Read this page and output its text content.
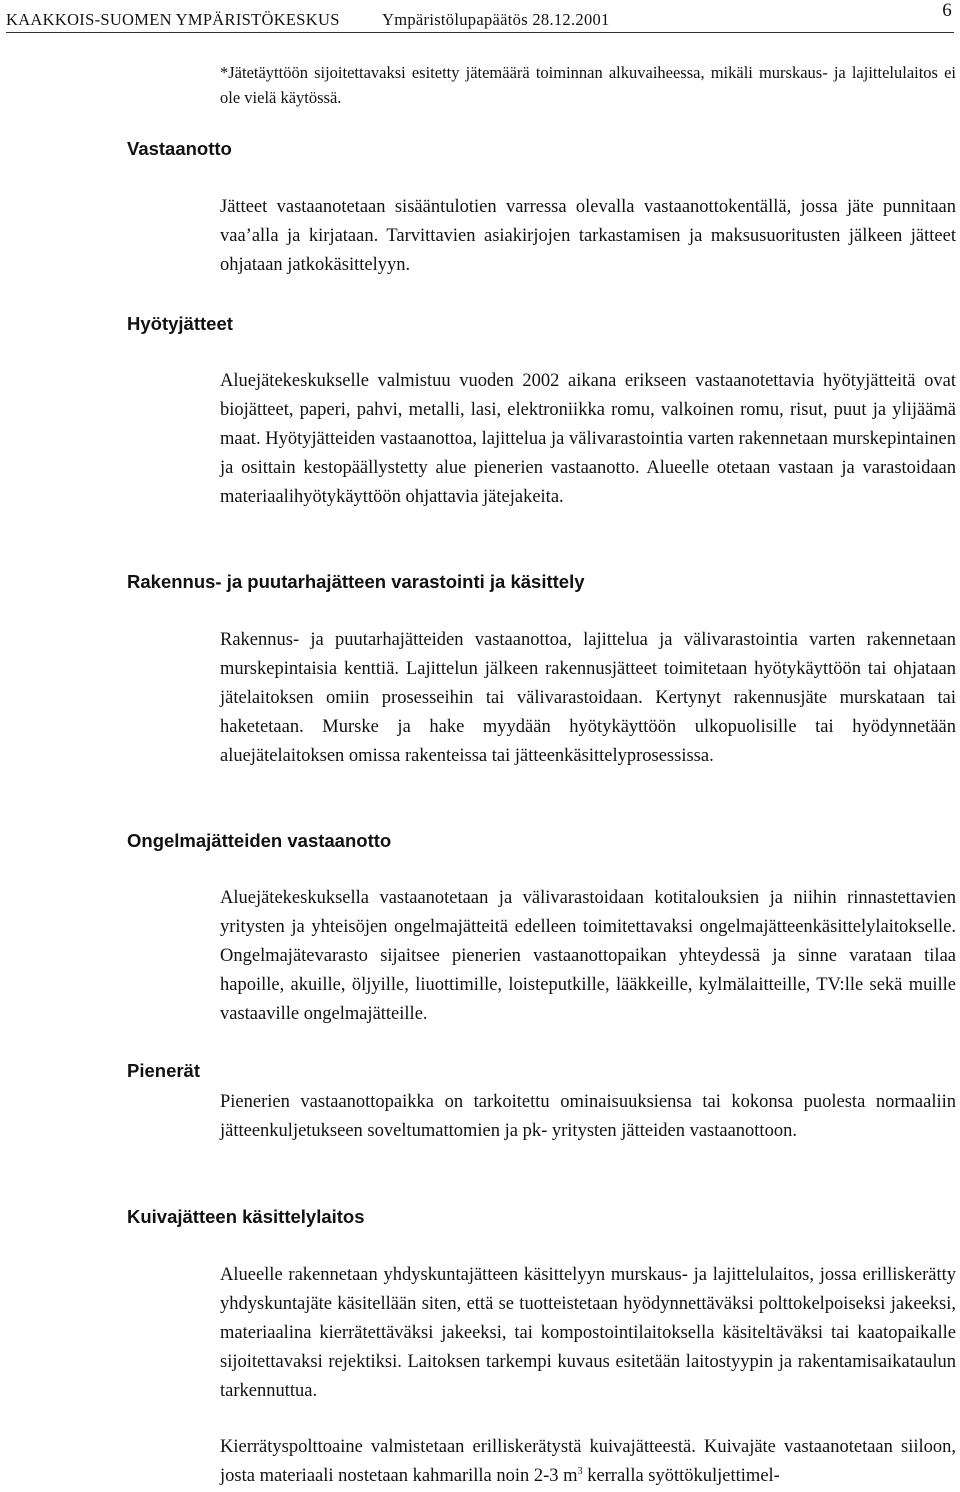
KAAKKOIS-SUOMEN YMPÄRISTÖKESKUS	Ympäristölupapäätös 28.12.2001	6
*Jätetäyttöön sijoitettavaksi esitetty jätemäärä toiminnan alkuvaiheessa, mikäli murskaus- ja lajittelulaitos ei ole vielä käytössä.
Vastaanotto
Jätteet vastaanotetaan sisääntulotien varressa olevalla vastaanottokentällä, jossa jäte punnitaan vaa’alla ja kirjataan. Tarvittavien asiakirjojen tarkastamisen ja maksusuoritusten jälkeen jätteet ohjataan jatkokäsittelyyn.
Hyötyjätteet
Aluejätekeskukselle valmistuu vuoden 2002 aikana erikseen vastaanotettavia hyötyjätteitä ovat biojätteet, paperi, pahvi, metalli, lasi, elektroniikka romu, valkoinen romu, risut, puut ja ylijäämä maat. Hyötyjätteiden vastaanottoa, lajittelua ja välivarastointia varten rakennetaan murskepintainen ja osittain kestopäällystetty alue pienerien vastaanotto. Alueelle otetaan vastaan ja varastoidaan materiaalihyötykäyttöön ohjattavia jätejakeita.
Rakennus- ja puutarhajätteen varastointi ja käsittely
Rakennus- ja puutarhajätteiden vastaanottoa, lajittelua ja välivarastointia varten rakennetaan murskepintaisia kenttiä. Lajittelun jälkeen rakennusjätteet toimitetaan hyötykäyttöön tai ohjataan jätelaitoksen omiin prosesseihin tai välivarastoidaan. Kertynyt rakennusjäte murskataan tai haketetaan. Murske ja hake myydään hyötykäyttöön ulkopuolisille tai hyödynnetään aluejätelaitoksen omissa rakenteissa tai jätteenkäsittelyprosessissa.
Ongelmajätteiden vastaanotto
Aluejätekeskuksella vastaanotetaan ja välivarastoidaan kotitalouksien ja niihin rinnastettavien yritysten ja yhteisöjen ongelmajätteitä edelleen toimitettavaksi ongelmajätteenkäsittelylaitokselle. Ongelmajätevarasto sijaitsee pienerien vastaanottopaikan yhteydessä ja sinne varataan tilaa hapoille, akuille, öljyille, liuottimille, loisteputkille, lääkkeille, kylmälaitteille, TV:lle sekä muille vastaaville ongelmajätteille.
Pienerät
Pienerien vastaanottopaikka on tarkoitettu ominaisuuksiensa tai kokonsa puolesta normaaliin jätteenkuljetukseen soveltumattomien ja pk- yritysten jätteiden vastaanottoon.
Kuivajätteen käsittelylaitos
Alueelle rakennetaan yhdyskuntajätteen käsittelyyn murskaus- ja lajittelulaitos, jossa erilliskerätty yhdyskuntajäte käsitellään siten, että se tuotteistetaan hyödynnettäväksi polttokelpoiseksi jakeeksi, materiaalina kierrätettäväksi jakeeksi, tai kompostointilaitoksella käsiteltäväksi tai kaatopaikalle sijoitettavaksi rejektiksi. Laitoksen tarkempi kuvaus esitetään laitostyypin ja rakentamisaikataulun tarkennuttua.
Kierrätyspolttoaine valmistetaan erilliskerätystä kuivajätteestä. Kuivajäte vastaanotetaan siiloon, josta materiaali nostetaan kahmarilla noin 2-3 $m^3$ kerralla syöttökuljettimel-
